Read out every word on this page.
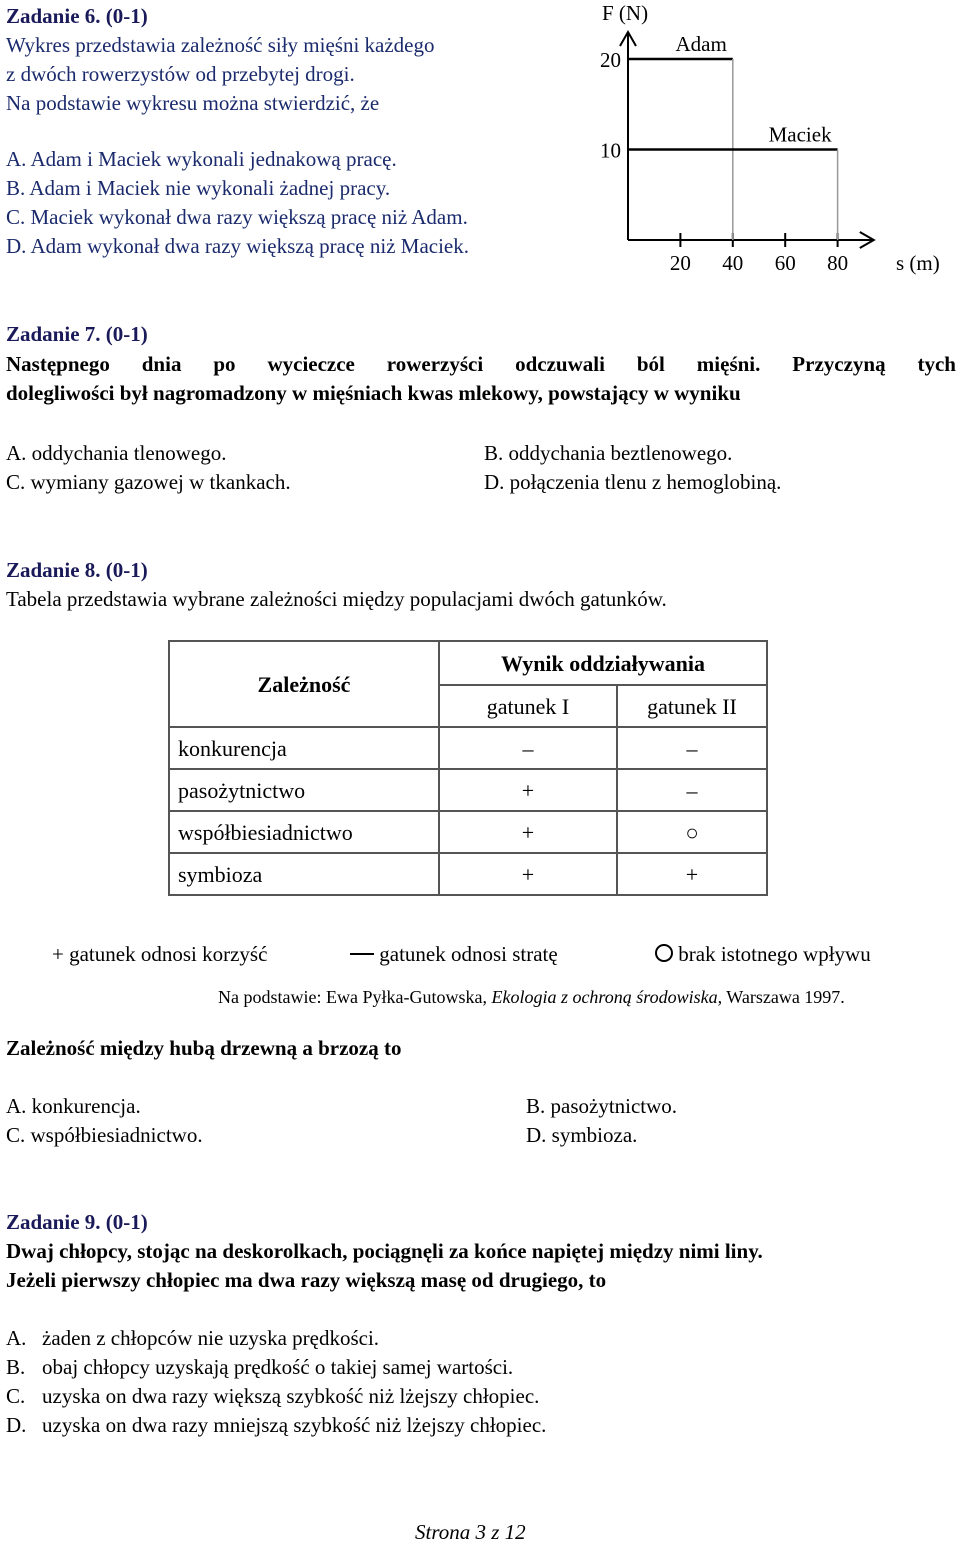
Zadanie 6. (0-1)
Wykres przedstawia zależność siły mięśni każdego
z dwóch rowerzystów od przebytej drogi.
Na podstawie wykresu można stwierdzić, że
A. Adam i Maciek wykonali jednakową pracę.
B. Adam i Maciek nie wykonali żadnej pracy.
C. Maciek wykonał dwa razy większą pracę niż Adam.
D. Adam wykonał dwa razy większą pracę niż Maciek.
F (N)
s (m)
20 40 60 80
10
20
Adam
Maciek
Zadanie 7. (0-1)
Następnego dnia po wycieczce rowerzyści odczuwali ból mięśni. Przyczyną tych
dolegliwości był nagromadzony w mięśniach kwas mlekowy, powstający w wyniku
A. oddychania tlenowego.	B. oddychania beztlenowego.
C. wymiany gazowej w tkankach.	D. połączenia tlenu z hemoglobiną.
Zadanie 8. (0-1)
Tabela przedstawia wybrane zależności między populacjami dwóch gatunków.
Zależność	Wynik oddziaływania	
	gatunek I	gatunek II
konkurencja	–	–
pasożytnictwo	+	–
współbiesiadnictwo	+	○
symbioza	+	+
+ gatunek odnosi korzyść	gatunek odnosi stratę	brak istotnego wpływu
Na podstawie: Ewa Pyłka-Gutowska, Ekologia z ochroną środowiska, Warszawa 1997.
Zależność między hubą drzewną a brzozą to
A. konkurencja.	B. pasożytnictwo.
C. współbiesiadnictwo.	D. symbioza.
Zadanie 9. (0-1)
Dwaj chłopcy, stojąc na deskorolkach, pociągnęli za końce napiętej między nimi liny.
Jeżeli pierwszy chłopiec ma dwa razy większą masę od drugiego, to
A. żaden z chłopców nie uzyska prędkości.
B. obaj chłopcy uzyskają prędkość o takiej samej wartości.
C. uzyska on dwa razy większą szybkość niż lżejszy chłopiec.
D. uzyska on dwa razy mniejszą szybkość niż lżejszy chłopiec.
Strona 3 z 12
